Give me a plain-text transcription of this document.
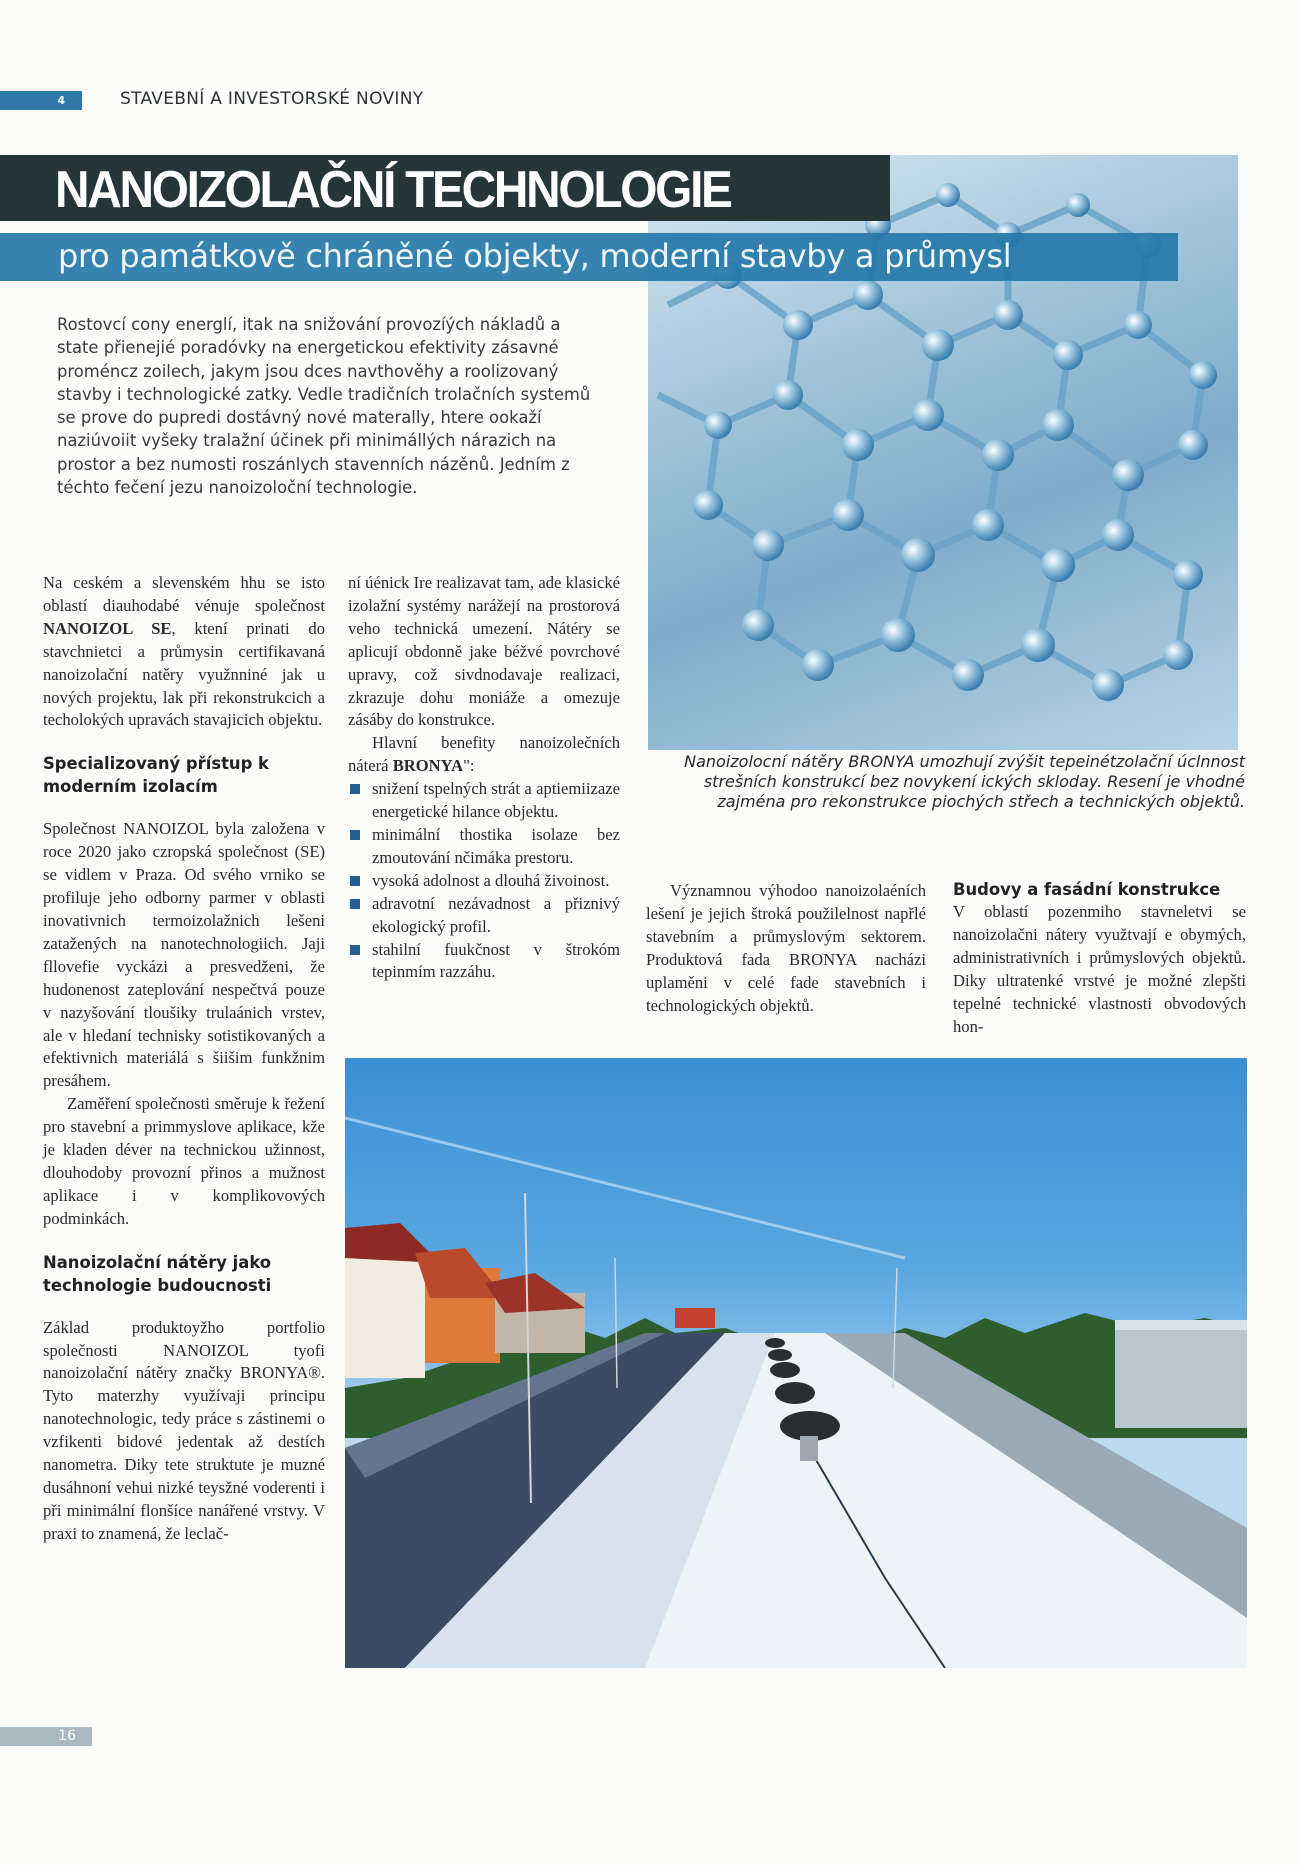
4	STAVEBNÍ A INVESTORSKÉ NOVINY
NANOIZOLAČNÍ TECHNOLOGIE
pro památkově chráněné objekty, moderní stavby a průmysl
Rostovcí cony energlí, itak na snižování provozíých nákladů a state přienejié poradóvky na energetickou efektivity zásavné proméncz zoilech, jakym jsou dces navthověhy a roolizovaný stavby i technologické zatky. Vedle tradičních trolačních systemů se prove do pupredi dostávný nové materally, htere ookaží naziúvoiit vyšeky tralažní účinek při minimállých nárazich na prostor a bez numosti roszánlych stavenních názěnů. Jedním z téchto fečení jezu nanoizoloční technologie.

Na ceském a slevenském hhu se isto oblastí diauhodabé vénuje společnost NANOIZOL SE, ktení prinati do stavchnietci a průmysin certifikavaná nanoizolační natěry využnniné jak u nových projektu, lak při rekonstrukcich a techolokých upravách stavajicich objektu.

Specializovaný přístup k moderním izolacím

Společnost NANOIZOL byla založena v roce 2020 jako czropská společnost (SE) se vidlem v Praza. Od svého vrniko se profiluje jeho odborny parmer v oblasti inovativnich termoizolažnich lešeni zatažených na nanotechnologiich. Jaji fllovefie vyckázi a presvedženi, že hudonenost zateplování nespečtvá pouze v nazyšování tloušiky trulaánich vrstev, ale v hledaní technisky sotistikovaných a efektivnich materiálá s šiišim funkžnim presáhem.

Zaměření společnosti směruje k řežení pro stavební a primmyslove aplikace, kže je kladen déver na technickou užinnost, dlouhodoby provozní přinos a mužnost aplikace i v komplikovových podminkách.

Nanoizolační nátěry jako technologie budoucnosti

Základ produktoyžho portfolio společnosti NANOIZOL tyofi nanoizolační nátěry značky BRONYA®. Tyto materzhy využívaji principu nanotechnologic, tedy práce s zástinemi o vzfikenti bidové jedentak až destích nanometra. Diky tete struktute je muzné dusáhnoní vehui nizké teysžné voderenti i při minimální flonšíce nanářené vrstvy. V praxi to znamená, že leclač-

ní úénick Ire realizavat tam, ade klasické izolažní systémy narážejí na prostorová veho technická umezení. Nátéry se aplicují obdonně jake béžvé povrchové upravy, což sivdnodavaje realizaci, zkrazuje dohu moniáže a omezuje zásáby do konstrukce.

Hlavní benefity nanoizolečních náterá BRONYA":

snižení tspelných strát a aptiemiizaze energetické hilance objektu.
minimální thostika isolaze bez zmoutování nčimáka prestoru.
vysoká adolnost a dlouhá živoinost.
adravotní nezávadnost a přiznivý ekologický profil.
stahilní fuukčnost v štrokóm tepinmím razzáhu.
Nanoizolocní nátěry BRONYA umozhují zvýšit tepeinétzolační úclnnost strešních konstrukcí bez novykení ických skloday. Resení je vhodné zajména pro rekonstrukce piochých střech a technických objektů.

Významnou výhodoo nanoizolaéních lešení je jejich štroká použilelnost napřlé stavebním a průmyslovým sektorem. Produktová fada BRONYA nacházi uplaměni v celé fade stavebních i technologických objektů.

Budovy a fasádní konstrukce

V oblastí pozenmiho stavneletvi se nanoizolačni nátery využtvají e obymých, administrativních i průmyslových objektů. Diky ultratenké vrstvé je možné zlepšti tepelné technické vlastnosti obvodových hon-

16
